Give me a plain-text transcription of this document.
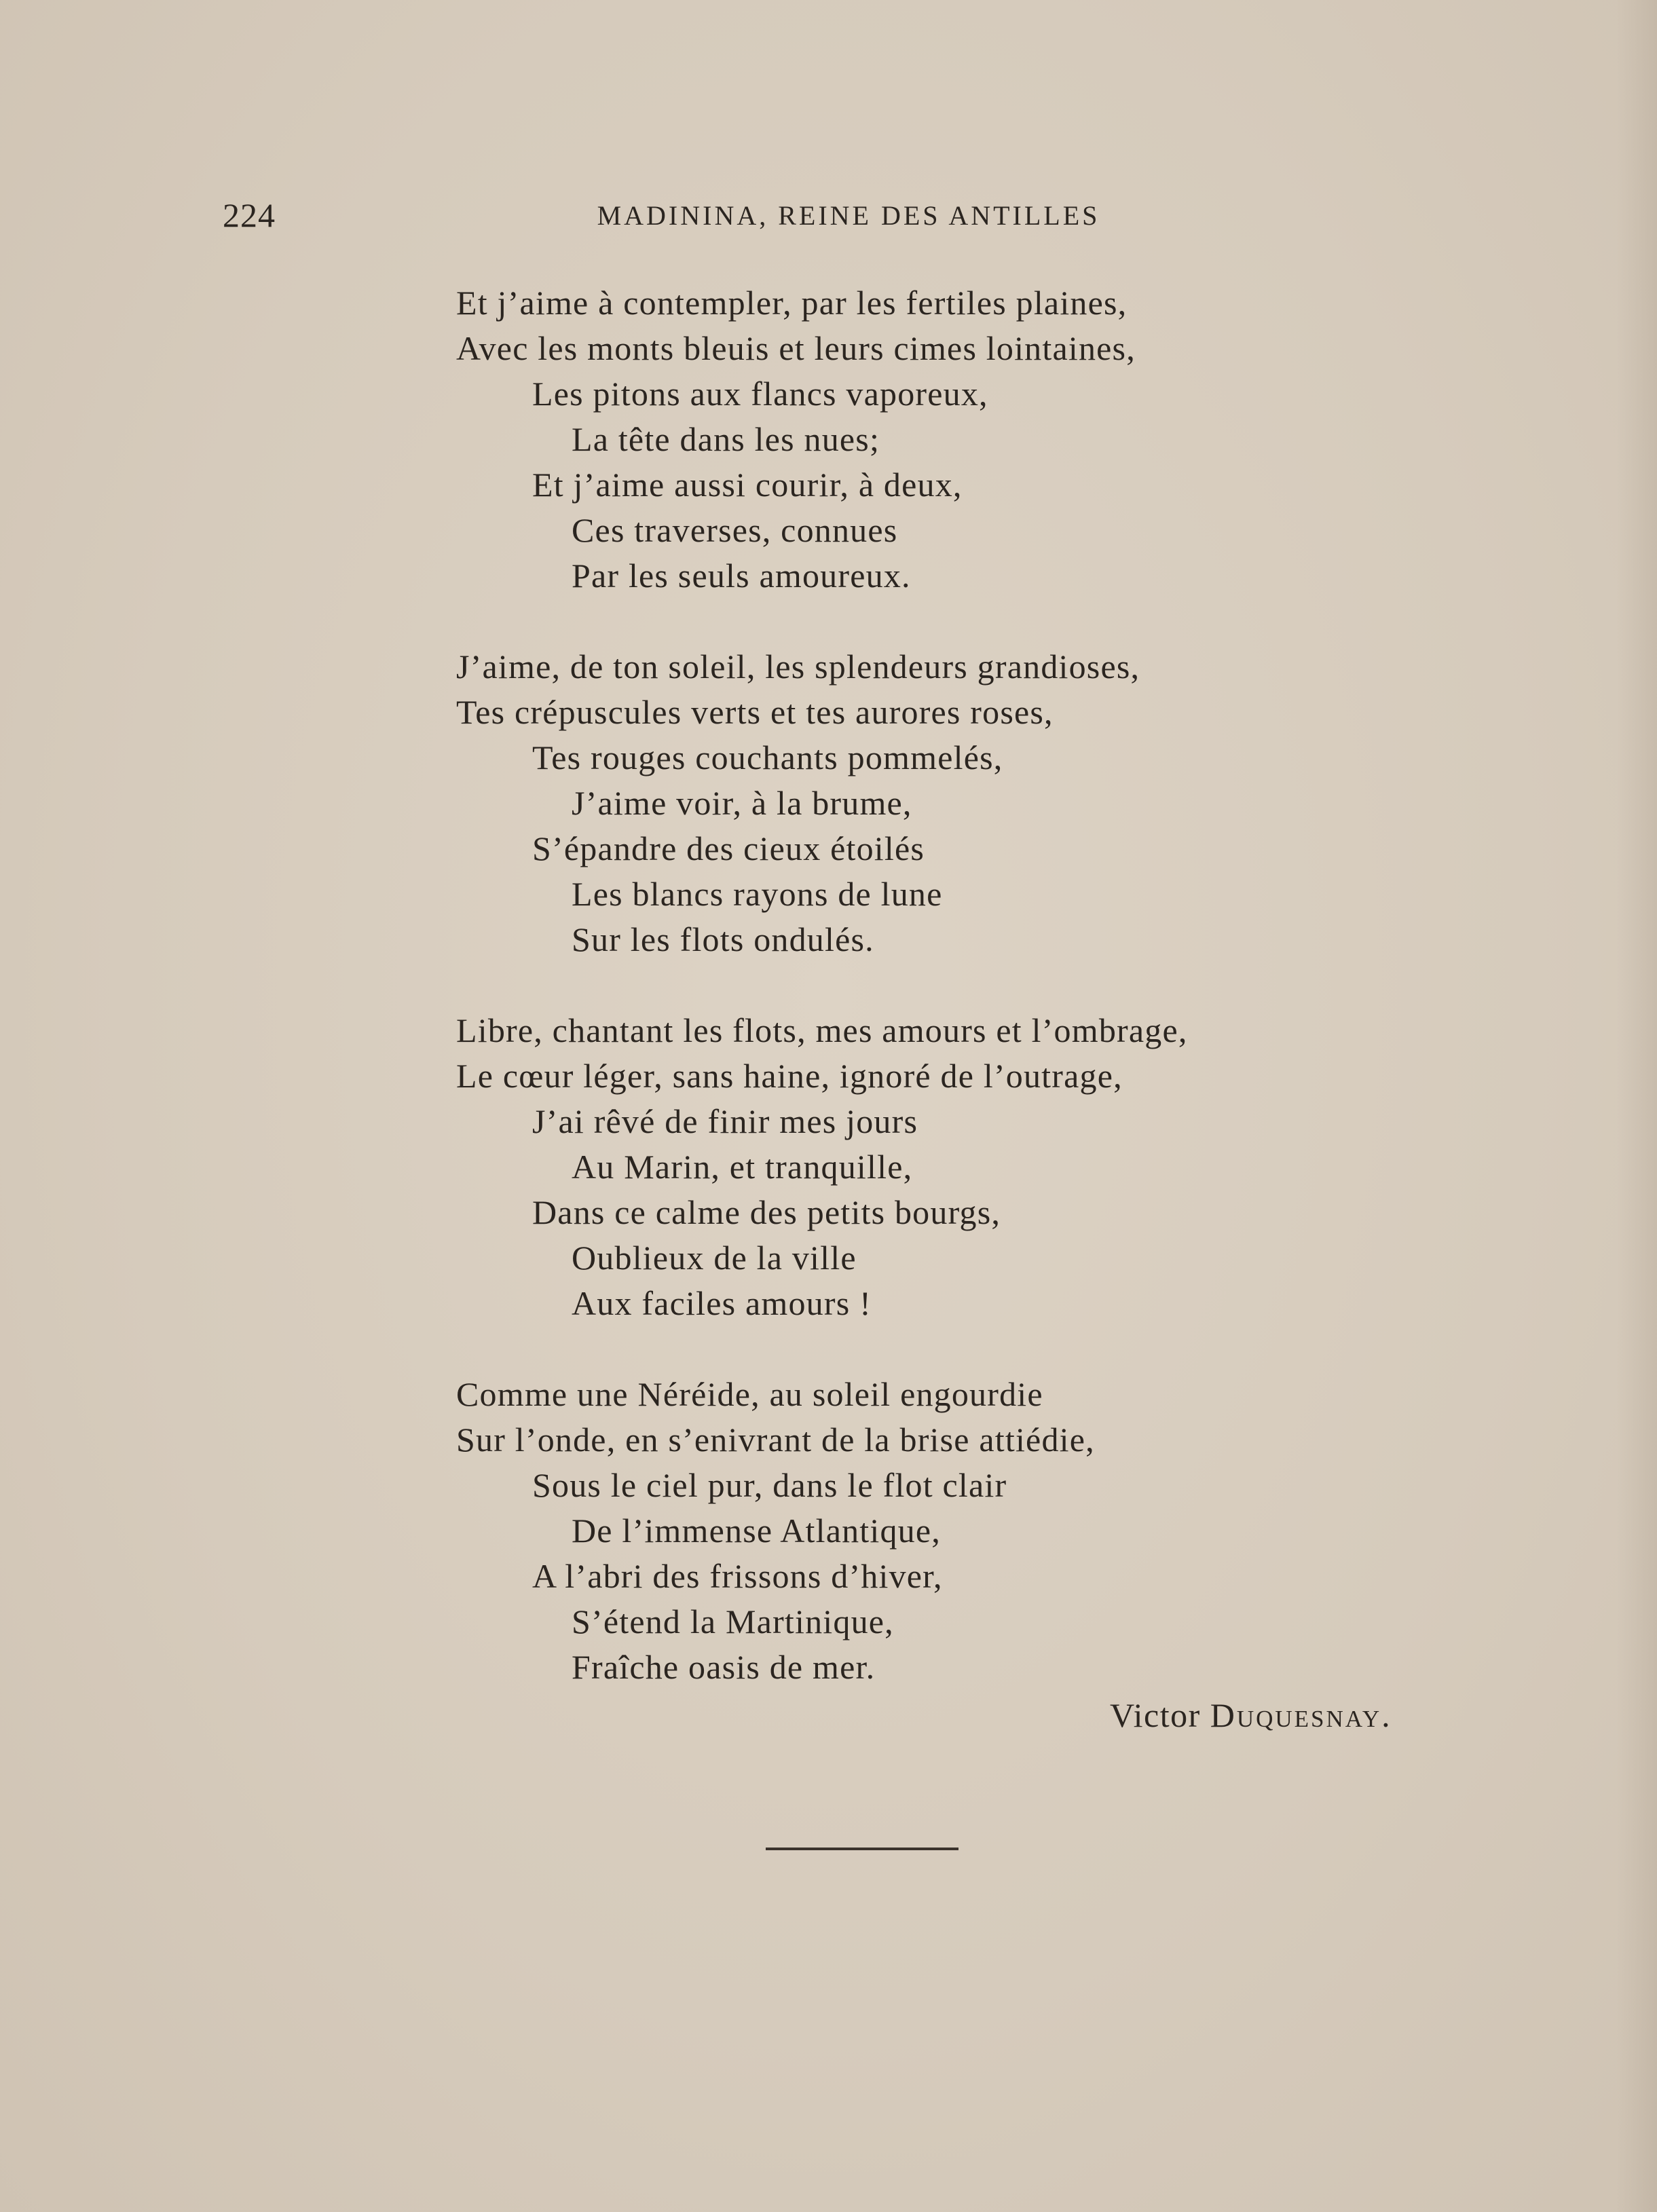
224	MADININA, REINE DES ANTILLES
Et j’aime à contempler, par les fertiles plaines,
Avec les monts bleuis et leurs cimes lointaines,
Les pitons aux flancs vaporeux,
La tête dans les nues;
Et j’aime aussi courir, à deux,
Ces traverses, connues
Par les seuls amoureux.
J’aime, de ton soleil, les splendeurs grandioses,
Tes crépuscules verts et tes aurores roses,
Tes rouges couchants pommelés,
J’aime voir, à la brume,
S’épandre des cieux étoilés
Les blancs rayons de lune
Sur les flots ondulés.
Libre, chantant les flots, mes amours et l’ombrage,
Le cœur léger, sans haine, ignoré de l’outrage,
J’ai rêvé de finir mes jours
Au Marin, et tranquille,
Dans ce calme des petits bourgs,
Oublieux de la ville
Aux faciles amours !
Comme une Néréide, au soleil engourdie
Sur l’onde, en s’enivrant de la brise attiédie,
Sous le ciel pur, dans le flot clair
De l’immense Atlantique,
A l’abri des frissons d’hiver,
S’étend la Martinique,
Fraîche oasis de mer.
Victor Duquesnay.
